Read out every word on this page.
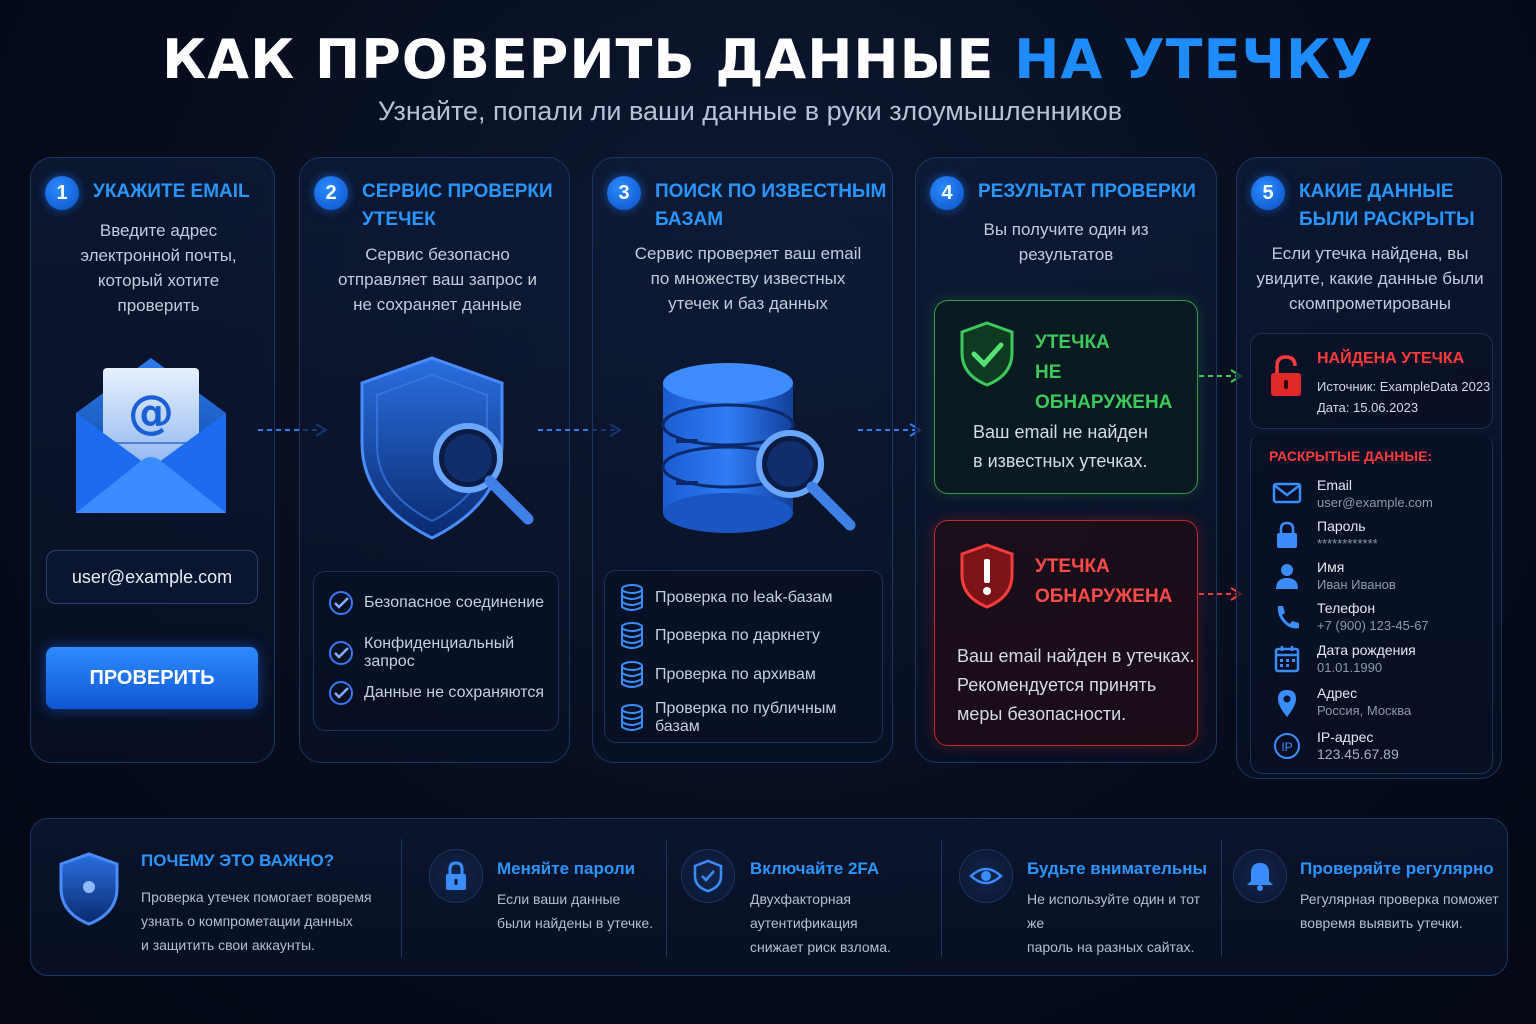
КАК ПРОВЕРИТЬ ДАННЫЕ НА УТЕЧКУ
Узнайте, попали ли ваши данные в руки злоумышленников
1	УКАЖИТЕ EMAIL
Введите адрес электронной почты, который хотите проверить
@
user@example.com
ПРОВЕРИТЬ
2	СЕРВИС ПРОВЕРКИ УТЕЧЕК
Сервис безопасно отправляет ваш запрос и не сохраняет данные
Безопасное соединение
Конфиденциальный запрос
Данные не сохраняются
3	ПОИСК ПО ИЗВЕСТНЫМ БАЗАМ
Сервис проверяет ваш email по множеству известных утечек и баз данных
Проверка по leak-базам
Проверка по даркнету
Проверка по архивам
Проверка по публичным базам
4	РЕЗУЛЬТАТ ПРОВЕРКИ
Вы получите один из результатов
УТЕЧКА
НЕ ОБНАРУЖЕНА
Ваш email не найден
в известных утечках.
УТЕЧКА
ОБНАРУЖЕНА
Ваш email найден в утечках.
Рекомендуется принять
меры безопасности.
5	КАКИЕ ДАННЫЕ БЫЛИ РАСКРЫТЫ
Если утечка найдена, вы увидите, какие данные были скомпрометированы
НАЙДЕНА УТЕЧКА
Источник: ExampleData 2023
Дата: 15.06.2023
РАСКРЫТЫЕ ДАННЫЕ:
Email
user@example.com
Пароль
************
Имя
Иван Иванов
Телефон
+7 (900) 123-45-67
Дата рождения
01.01.1990
Адрес
Россия, Москва
IP
IP-адрес
123.45.67.89
ПОЧЕМУ ЭТО ВАЖНО?
Проверка утечек помогает вовремя
узнать о компрометации данных
и защитить свои аккаунты.
Меняйте пароли
Если ваши данные
были найдены в утечке.
Включайте 2FA
Двухфакторная аутентификация
снижает риск взлома.
Будьте внимательны
Не используйте один и тот же
пароль на разных сайтах.
Проверяйте регулярно
Регулярная проверка поможет
вовремя выявить утечки.
